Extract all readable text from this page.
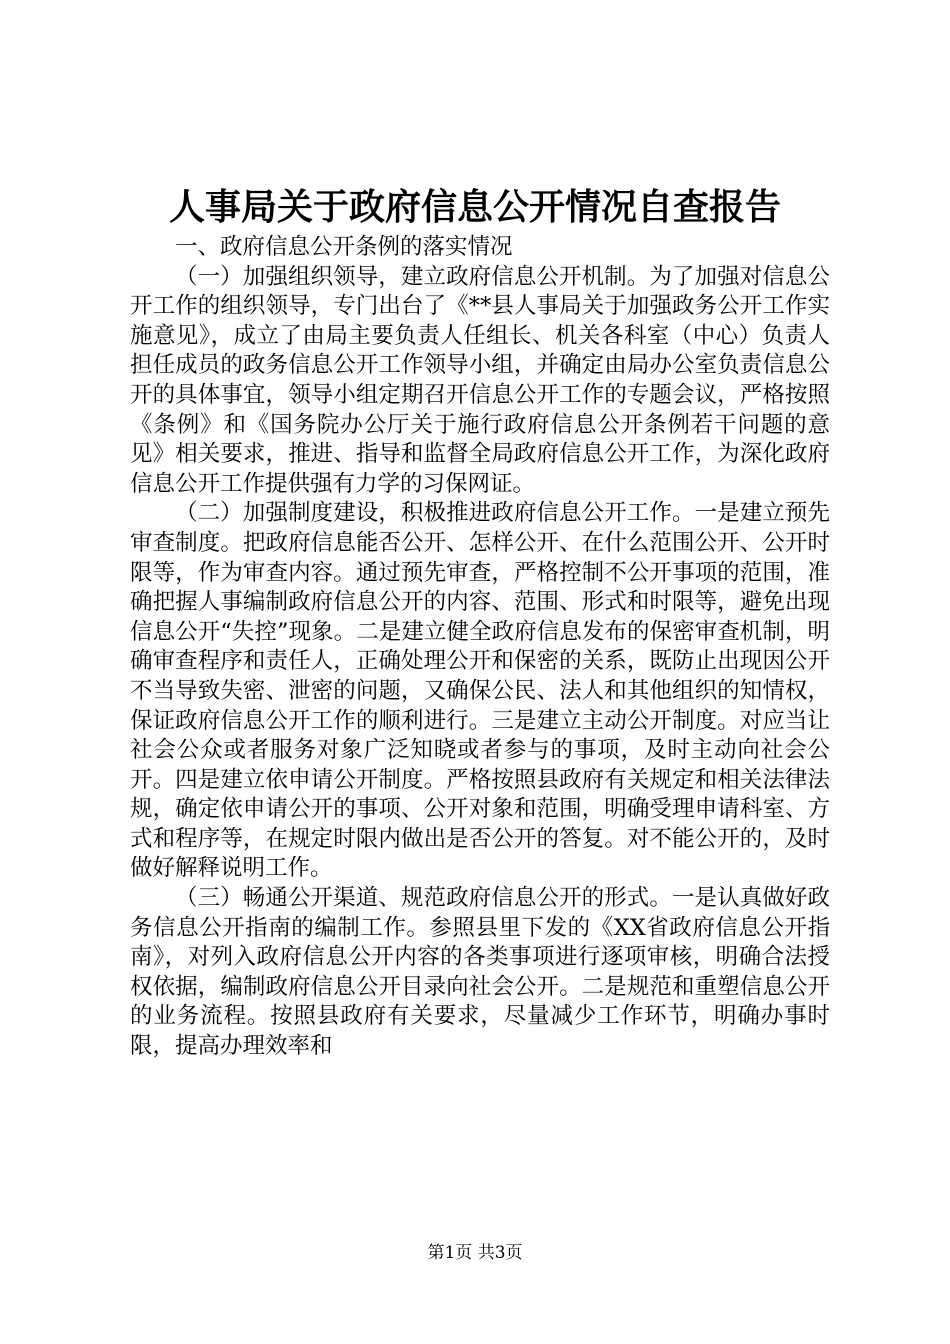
人事局关于政府信息公开情况自查报告

一、政府信息公开条例的落实情况

（一）加强组织领导，建立政府信息公开机制。为了加强对信息公开工作的组织领导，专门出台了《**县人事局关于加强政务公开工作实施意见》，成立了由局主要负责人任组长、机关各科室（中心）负责人担任成员的政务信息公开工作领导小组，并确定由局办公室负责信息公开的具体事宜，领导小组定期召开信息公开工作的专题会议，严格按照《条例》和《国务院办公厅关于施行政府信息公开条例若干问题的意见》相关要求，推进、指导和监督全局政府信息公开工作，为深化政府信息公开工作提供强有力学的习保网证。

（二）加强制度建设，积极推进政府信息公开工作。一是建立预先审查制度。把政府信息能否公开、怎样公开、在什么范围公开、公开时限等，作为审查内容。通过预先审查，严格控制不公开事项的范围，准确把握人事编制政府信息公开的内容、范围、形式和时限等，避免出现信息公开“失控”现象。二是建立健全政府信息发布的保密审查机制，明确审查程序和责任人，正确处理公开和保密的关系，既防止出现因公开不当导致失密、泄密的问题，又确保公民、法人和其他组织的知情权，保证政府信息公开工作的顺利进行。三是建立主动公开制度。对应当让社会公众或者服务对象广泛知晓或者参与的事项，及时主动向社会公开。四是建立依申请公开制度。严格按照县政府有关规定和相关法律法规，确定依申请公开的事项、公开对象和范围，明确受理申请科室、方式和程序等，在规定时限内做出是否公开的答复。对不能公开的，及时做好解释说明工作。

（三）畅通公开渠道、规范政府信息公开的形式。一是认真做好政务信息公开指南的编制工作。参照县里下发的《XX省政府信息公开指南》，对列入政府信息公开内容的各类事项进行逐项审核，明确合法授权依据，编制政府信息公开目录向社会公开。二是规范和重塑信息公开的业务流程。按照县政府有关要求，尽量减少工作环节，明确办事时限，提高办理效率和

第1页 共3页
